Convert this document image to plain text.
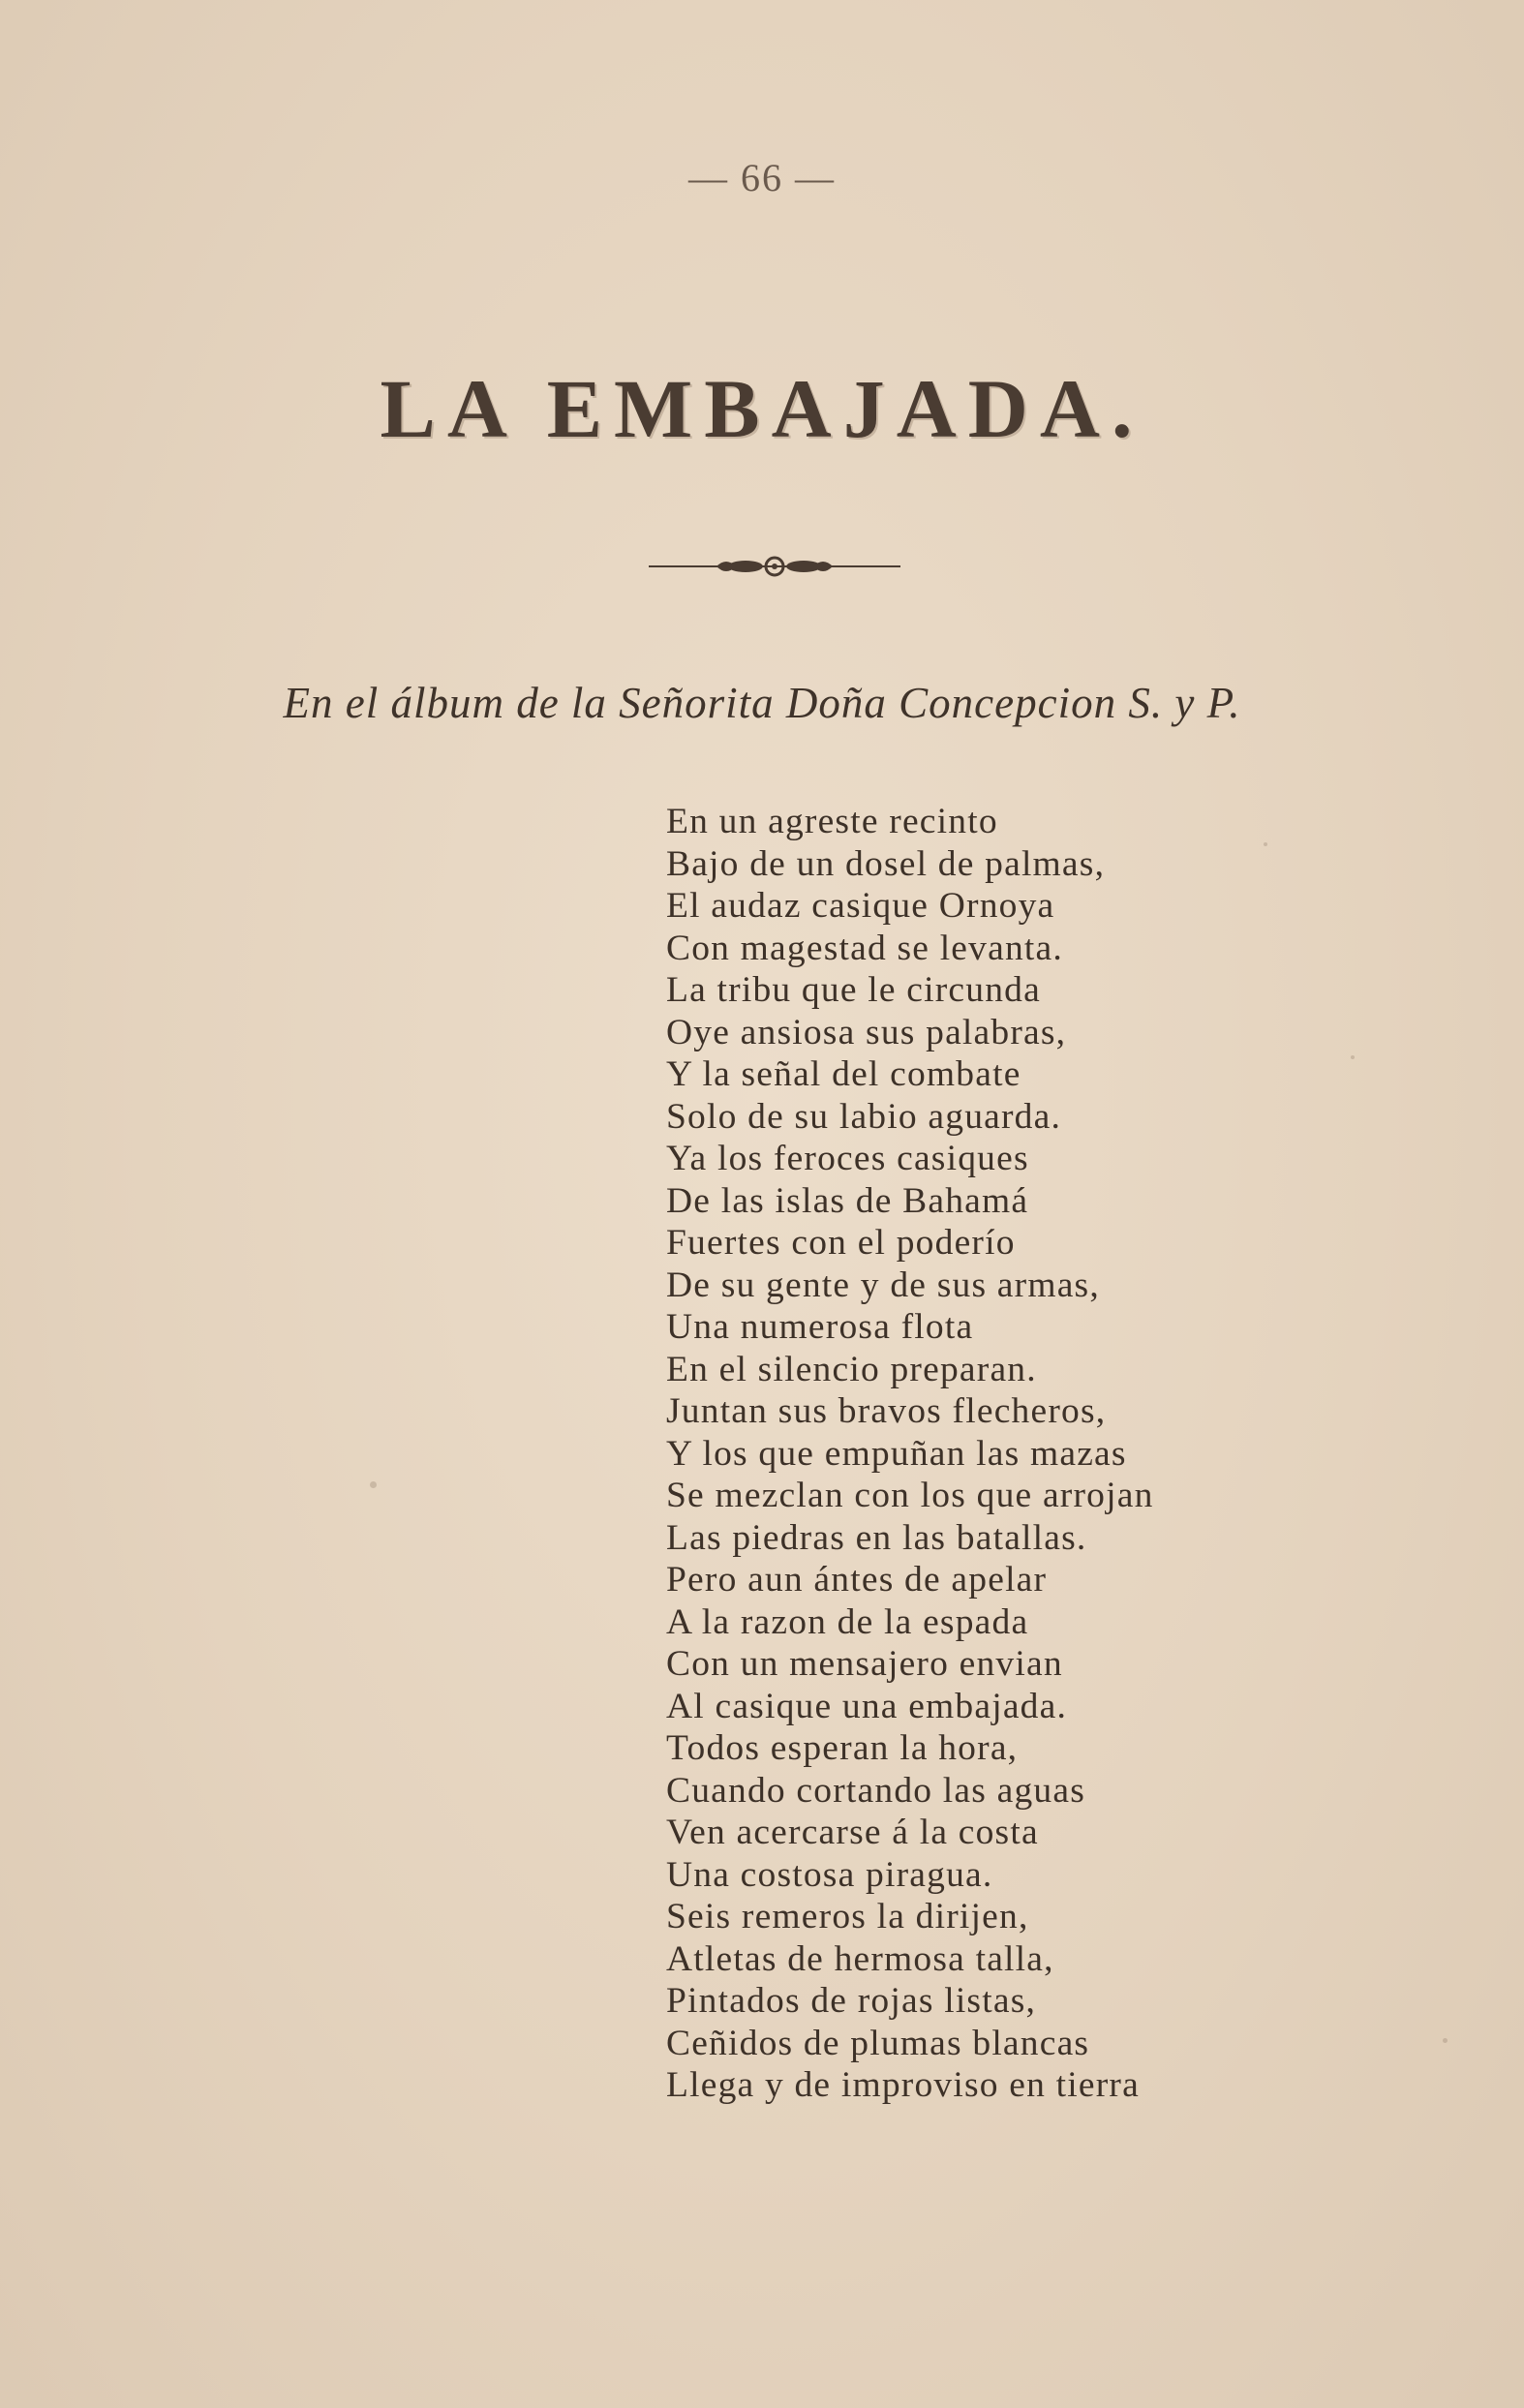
— 66 —
LA EMBAJADA.
En el álbum de la Señorita Doña Concepcion S. y P.
En un agreste recinto
Bajo de un dosel de palmas,
El audaz casique Ornoya
Con magestad se levanta.
La tribu que le circunda
Oye ansiosa sus palabras,
Y la señal del combate
Solo de su labio aguarda.
Ya los feroces casiques
De las islas de Bahamá
Fuertes con el poderío
De su gente y de sus armas,
Una numerosa flota
En el silencio preparan.
Juntan sus bravos flecheros,
Y los que empuñan las mazas
Se mezclan con los que arrojan
Las piedras en las batallas.
Pero aun ántes de apelar
A la razon de la espada
Con un mensajero envian
Al casique una embajada.
Todos esperan la hora,
Cuando cortando las aguas
Ven acercarse á la costa
Una costosa piragua.
Seis remeros la dirijen,
Atletas de hermosa talla,
Pintados de rojas listas,
Ceñidos de plumas blancas
Llega y de improviso en tierra
